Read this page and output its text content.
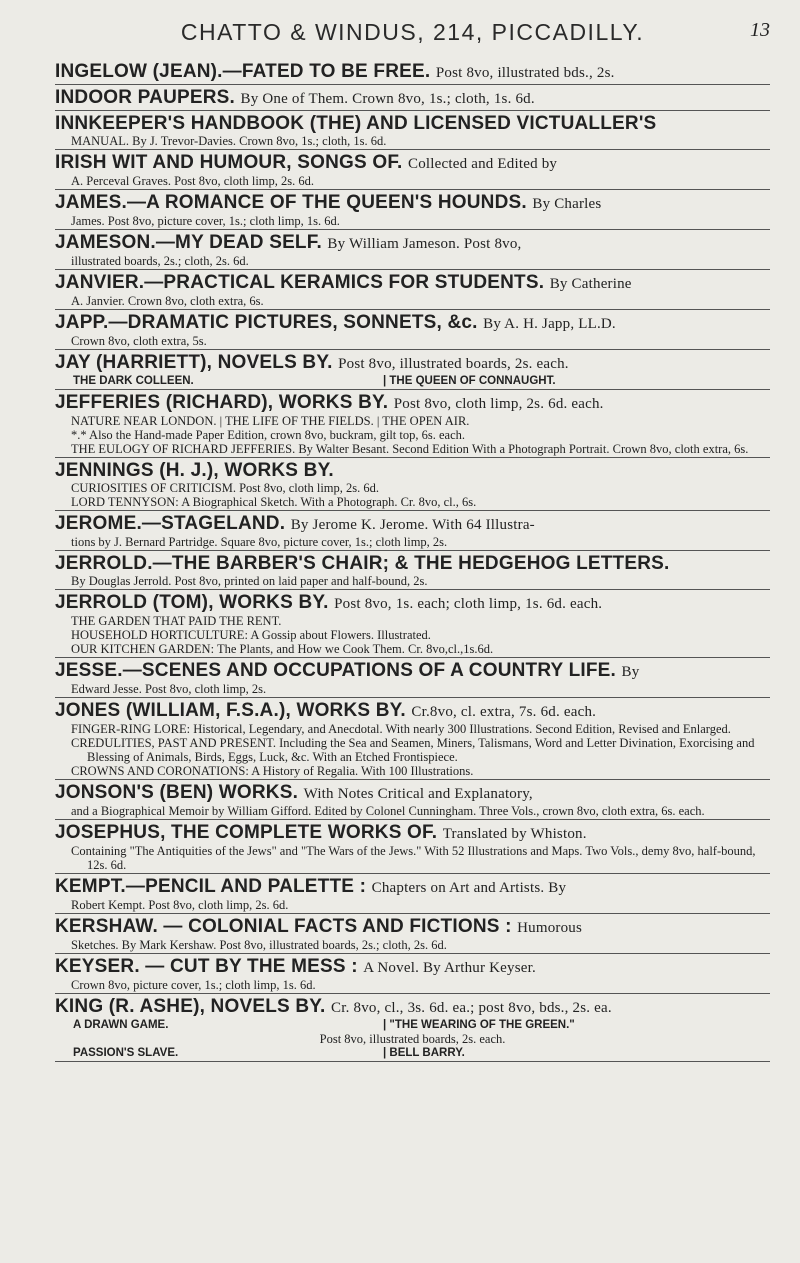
CHATTO & WINDUS, 214, PICCADILLY.	13
INGELOW (JEAN).—FATED TO BE FREE. Post 8vo, illustrated bds., 2s.
INDOOR PAUPERS. By One of Them. Crown 8vo, 1s.; cloth, 1s. 6d.
INNKEEPER'S HANDBOOK (THE) AND LICENSED VICTUALLER'S
MANUAL. By J. Trevor-Davies. Crown 8vo, 1s.; cloth, 1s. 6d.
IRISH WIT AND HUMOUR, SONGS OF. Collected and Edited by
A. Perceval Graves. Post 8vo, cloth limp, 2s. 6d.
JAMES.—A ROMANCE OF THE QUEEN'S HOUNDS. By Charles
James. Post 8vo, picture cover, 1s.; cloth limp, 1s. 6d.
JAMESON.—MY DEAD SELF. By William Jameson. Post 8vo,
illustrated boards, 2s.; cloth, 2s. 6d.
JANVIER.—PRACTICAL KERAMICS FOR STUDENTS. By Catherine
A. Janvier. Crown 8vo, cloth extra, 6s.
JAPP.—DRAMATIC PICTURES, SONNETS, &c. By A. H. Japp, LL.D.
Crown 8vo, cloth extra, 5s.
JAY (HARRIETT), NOVELS BY. Post 8vo, illustrated boards, 2s. each.
THE DARK COLLEEN.	| THE QUEEN OF CONNAUGHT.
JEFFERIES (RICHARD), WORKS BY. Post 8vo, cloth limp, 2s. 6d. each.
NATURE NEAR LONDON. | THE LIFE OF THE FIELDS. | THE OPEN AIR.
*.* Also the Hand-made Paper Edition, crown 8vo, buckram, gilt top, 6s. each.
THE EULOGY OF RICHARD JEFFERIES. By Walter Besant. Second Edition With a Photograph Portrait. Crown 8vo, cloth extra, 6s.
JENNINGS (H. J.), WORKS BY.
CURIOSITIES OF CRITICISM. Post 8vo, cloth limp, 2s. 6d.
LORD TENNYSON: A Biographical Sketch. With a Photograph. Cr. 8vo, cl., 6s.
JEROME.—STAGELAND. By Jerome K. Jerome. With 64 Illustra-
tions by J. Bernard Partridge. Square 8vo, picture cover, 1s.; cloth limp, 2s.
JERROLD.—THE BARBER'S CHAIR; & THE HEDGEHOG LETTERS.
By Douglas Jerrold. Post 8vo, printed on laid paper and half-bound, 2s.
JERROLD (TOM), WORKS BY. Post 8vo, 1s. each; cloth limp, 1s. 6d. each.
THE GARDEN THAT PAID THE RENT.
HOUSEHOLD HORTICULTURE: A Gossip about Flowers. Illustrated.
OUR KITCHEN GARDEN: The Plants, and How we Cook Them. Cr. 8vo,cl.,1s.6d.
JESSE.—SCENES AND OCCUPATIONS OF A COUNTRY LIFE. By
Edward Jesse. Post 8vo, cloth limp, 2s.
JONES (WILLIAM, F.S.A.), WORKS BY. Cr.8vo, cl. extra, 7s. 6d. each.
FINGER-RING LORE: Historical, Legendary, and Anecdotal. With nearly 300 Illustrations. Second Edition, Revised and Enlarged.
CREDULITIES, PAST AND PRESENT. Including the Sea and Seamen, Miners, Talismans, Word and Letter Divination, Exorcising and Blessing of Animals, Birds, Eggs, Luck, &c. With an Etched Frontispiece.
CROWNS AND CORONATIONS: A History of Regalia. With 100 Illustrations.
JONSON'S (BEN) WORKS. With Notes Critical and Explanatory,
and a Biographical Memoir by William Gifford. Edited by Colonel Cunningham. Three Vols., crown 8vo, cloth extra, 6s. each.
JOSEPHUS, THE COMPLETE WORKS OF. Translated by Whiston.
Containing "The Antiquities of the Jews" and "The Wars of the Jews." With 52 Illustrations and Maps. Two Vols., demy 8vo, half-bound, 12s. 6d.
KEMPT.—PENCIL AND PALETTE : Chapters on Art and Artists. By
Robert Kempt. Post 8vo, cloth limp, 2s. 6d.
KERSHAW. — COLONIAL FACTS AND FICTIONS : Humorous
Sketches. By Mark Kershaw. Post 8vo, illustrated boards, 2s.; cloth, 2s. 6d.
KEYSER. — CUT BY THE MESS : A Novel. By Arthur Keyser.
Crown 8vo, picture cover, 1s.; cloth limp, 1s. 6d.
KING (R. ASHE), NOVELS BY. Cr. 8vo, cl., 3s. 6d. ea.; post 8vo, bds., 2s. ea.
A DRAWN GAME.	| "THE WEARING OF THE GREEN."
Post 8vo, illustrated boards, 2s. each.
PASSION'S SLAVE.	| BELL BARRY.
